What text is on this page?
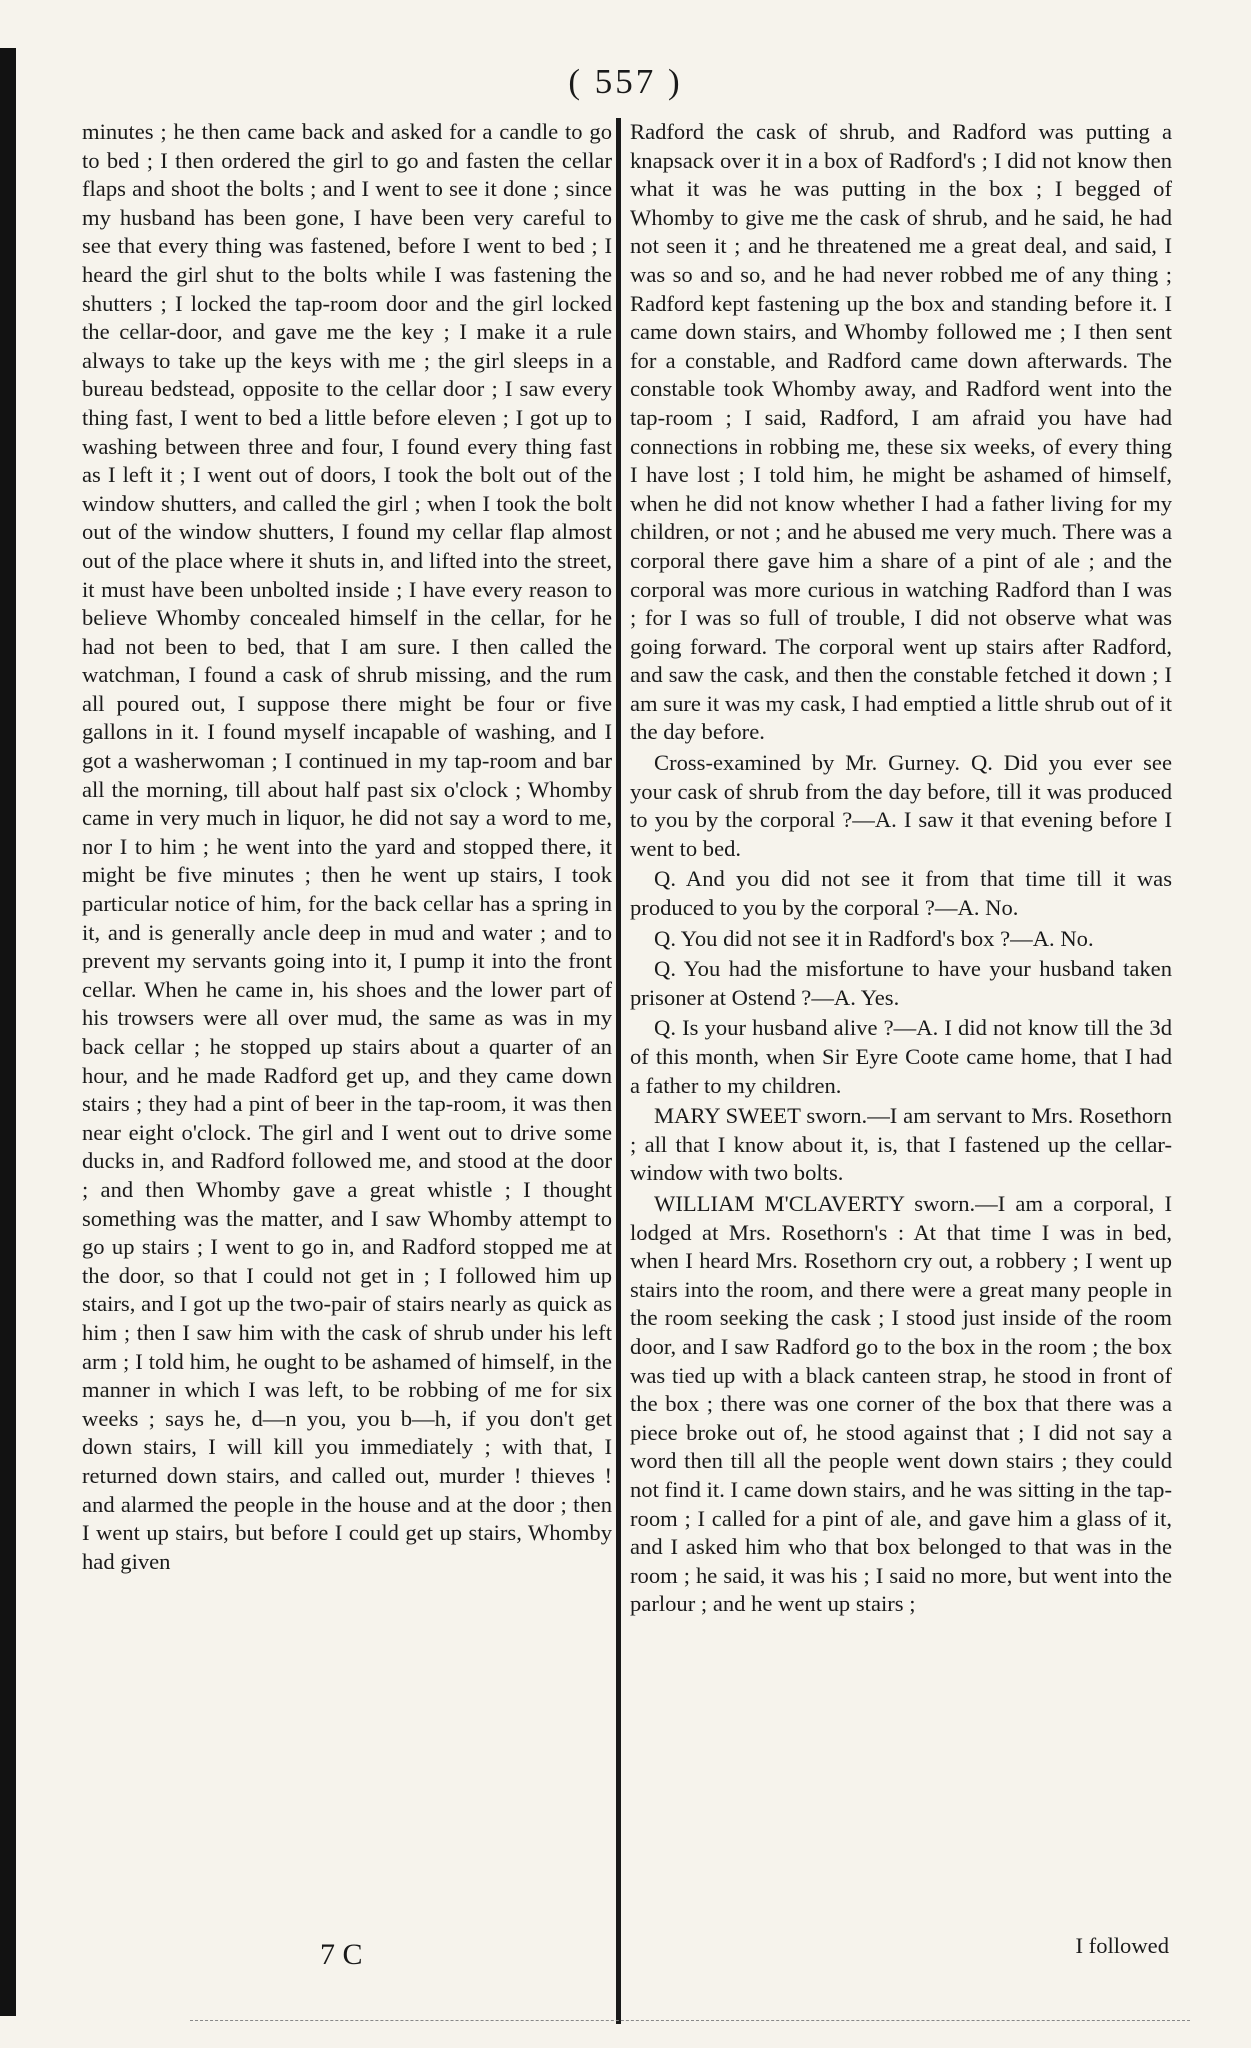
( 557 )

minutes ; he then came back and asked for a candle to go to bed ; I then ordered the girl to go and fasten the cellar flaps and shoot the bolts ; and I went to see it done ; since my husband has been gone, I have been very careful to see that every thing was fastened, before I went to bed ; I heard the girl shut to the bolts while I was fastening the shutters ; I locked the tap-room door and the girl locked the cellar-door, and gave me the key ; I make it a rule always to take up the keys with me ; the girl sleeps in a bureau bedstead, opposite to the cellar door ; I saw every thing fast, I went to bed a little before eleven ; I got up to washing between three and four, I found every thing fast as I left it ; I went out of doors, I took the bolt out of the window shutters, and called the girl ; when I took the bolt out of the window shutters, I found my cellar flap almost out of the place where it shuts in, and lifted into the street, it must have been unbolted inside ; I have every reason to believe Whomby concealed himself in the cellar, for he had not been to bed, that I am sure. I then called the watchman, I found a cask of shrub missing, and the rum all poured out, I suppose there might be four or five gallons in it. I found myself incapable of washing, and I got a washerwoman ; I continued in my tap-room and bar all the morning, till about half past six o'clock ; Whomby came in very much in liquor, he did not say a word to me, nor I to him ; he went into the yard and stopped there, it might be five minutes ; then he went up stairs, I took particular notice of him, for the back cellar has a spring in it, and is generally ancle deep in mud and water ; and to prevent my servants going into it, I pump it into the front cellar. When he came in, his shoes and the lower part of his trowsers were all over mud, the same as was in my back cellar ; he stopped up stairs about a quarter of an hour, and he made Radford get up, and they came down stairs ; they had a pint of beer in the tap-room, it was then near eight o'clock. The girl and I went out to drive some ducks in, and Radford followed me, and stood at the door ; and then Whomby gave a great whistle ; I thought something was the matter, and I saw Whomby attempt to go up stairs ; I went to go in, and Radford stopped me at the door, so that I could not get in ; I followed him up stairs, and I got up the two-pair of stairs nearly as quick as him ; then I saw him with the cask of shrub under his left arm ; I told him, he ought to be ashamed of himself, in the manner in which I was left, to be robbing of me for six weeks ; says he, d—n you, you b—h, if you don't get down stairs, I will kill you immediately ; with that, I returned down stairs, and called out, murder ! thieves ! and alarmed the people in the house and at the door ; then I went up stairs, but before I could get up stairs, Whomby had given

Radford the cask of shrub, and Radford was putting a knapsack over it in a box of Radford's ; I did not know then what it was he was putting in the box ; I begged of Whomby to give me the cask of shrub, and he said, he had not seen it ; and he threatened me a great deal, and said, I was so and so, and he had never robbed me of any thing ; Radford kept fastening up the box and standing before it. I came down stairs, and Whomby followed me ; I then sent for a constable, and Radford came down afterwards. The constable took Whomby away, and Radford went into the tap-room ; I said, Radford, I am afraid you have had connections in robbing me, these six weeks, of every thing I have lost ; I told him, he might be ashamed of himself, when he did not know whether I had a father living for my children, or not ; and he abused me very much. There was a corporal there gave him a share of a pint of ale ; and the corporal was more curious in watching Radford than I was ; for I was so full of trouble, I did not observe what was going forward. The corporal went up stairs after Radford, and saw the cask, and then the constable fetched it down ; I am sure it was my cask, I had emptied a little shrub out of it the day before.

Cross-examined by Mr. Gurney. Q. Did you ever see your cask of shrub from the day before, till it was produced to you by the corporal ?—A. I saw it that evening before I went to bed.

Q. And you did not see it from that time till it was produced to you by the corporal ?—A. No.

Q. You did not see it in Radford's box ?—A. No.

Q. You had the misfortune to have your husband taken prisoner at Ostend ?—A. Yes.

Q. Is your husband alive ?—A. I did not know till the 3d of this month, when Sir Eyre Coote came home, that I had a father to my children.

MARY SWEET sworn.—I am servant to Mrs. Rosethorn ; all that I know about it, is, that I fastened up the cellar-window with two bolts.

WILLIAM M'CLAVERTY sworn.—I am a corporal, I lodged at Mrs. Rosethorn's : At that time I was in bed, when I heard Mrs. Rosethorn cry out, a robbery ; I went up stairs into the room, and there were a great many people in the room seeking the cask ; I stood just inside of the room door, and I saw Radford go to the box in the room ; the box was tied up with a black canteen strap, he stood in front of the box ; there was one corner of the box that there was a piece broke out of, he stood against that ; I did not say a word then till all the people went down stairs ; they could not find it. I came down stairs, and he was sitting in the tap-room ; I called for a pint of ale, and gave him a glass of it, and I asked him who that box belonged to that was in the room ; he said, it was his ; I said no more, but went into the parlour ; and he went up stairs ;

7 C	I followed
